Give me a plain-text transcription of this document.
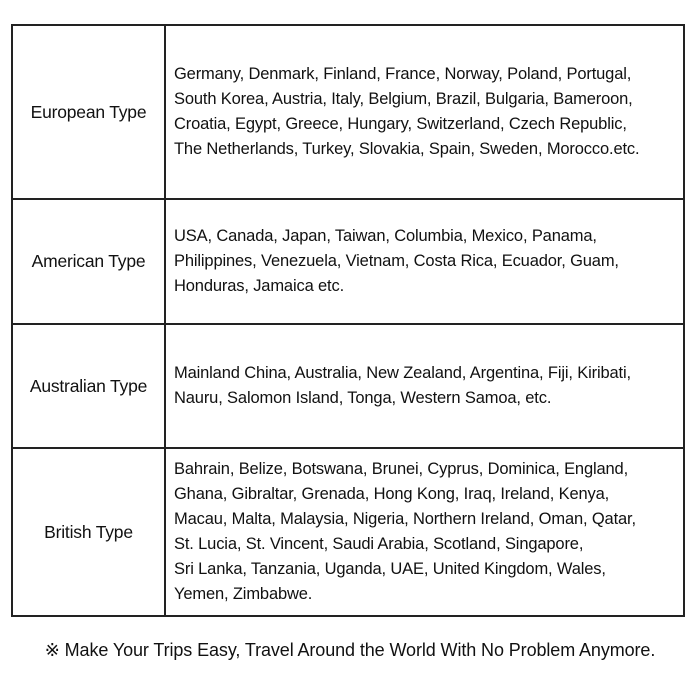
European Type
Germany, Denmark, Finland, France, Norway, Poland, Portugal,
South Korea, Austria, Italy, Belgium, Brazil, Bulgaria, Bameroon,
Croatia, Egypt, Greece, Hungary, Switzerland, Czech Republic,
The Netherlands, Turkey, Slovakia, Spain, Sweden, Morocco.etc.
American Type
USA, Canada, Japan, Taiwan, Columbia, Mexico, Panama,
Philippines, Venezuela, Vietnam, Costa Rica, Ecuador, Guam,
Honduras, Jamaica etc.
Australian Type
Mainland China, Australia, New Zealand, Argentina, Fiji, Kiribati,
Nauru, Salomon Island, Tonga, Western Samoa, etc.
British Type
Bahrain, Belize, Botswana, Brunei, Cyprus, Dominica, England,
Ghana, Gibraltar, Grenada, Hong Kong, Iraq, Ireland, Kenya,
Macau, Malta, Malaysia, Nigeria, Northern Ireland, Oman, Qatar,
St. Lucia, St. Vincent, Saudi Arabia, Scotland, Singapore,
Sri Lanka, Tanzania, Uganda, UAE, United Kingdom, Wales,
Yemen, Zimbabwe.
※ Make Your Trips Easy, Travel Around the World With No Problem Anymore.
